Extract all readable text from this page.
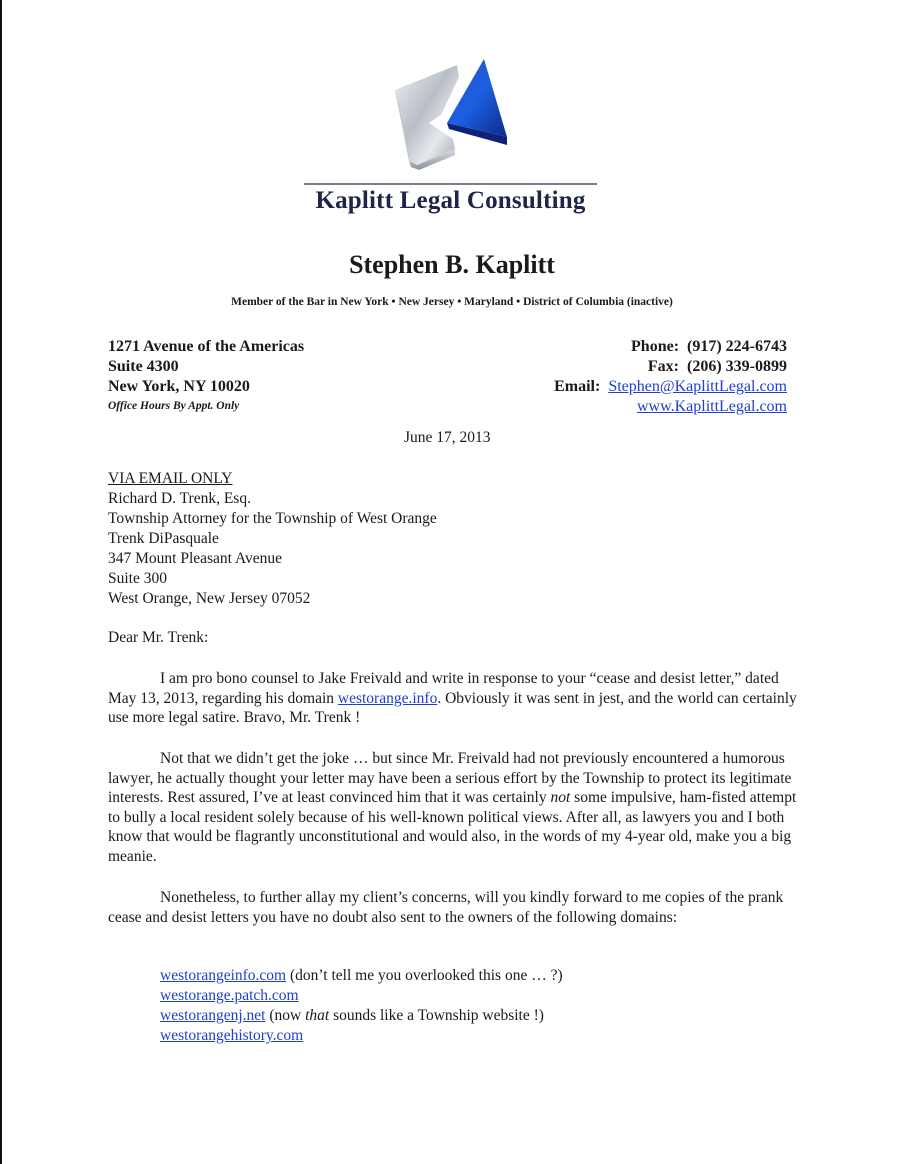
Kaplitt Legal Consulting
Stephen B. Kaplitt
Member of the Bar in New York • New Jersey • Maryland • District of Columbia (inactive)
1271 Avenue of the Americas
Suite 4300
New York, NY 10020
Office Hours By Appt. Only
Phone: (917) 224-6743
Fax: (206) 339-0899
Email: Stephen@KaplittLegal.com
www.KaplittLegal.com
June 17, 2013
VIA EMAIL ONLY
Richard D. Trenk, Esq.
Township Attorney for the Township of West Orange
Trenk DiPasquale
347 Mount Pleasant Avenue
Suite 300
West Orange, New Jersey 07052
Dear Mr. Trenk:
I am pro bono counsel to Jake Freivald and write in response to your “cease and desist letter,” dated May 13, 2013, regarding his domain westorange.info. Obviously it was sent in jest, and the world can certainly use more legal satire. Bravo, Mr. Trenk !
Not that we didn’t get the joke … but since Mr. Freivald had not previously encountered a humorous lawyer, he actually thought your letter may have been a serious effort by the Township to protect its legitimate interests. Rest assured, I’ve at least convinced him that it was certainly not some impulsive, ham-fisted attempt to bully a local resident solely because of his well-known political views. After all, as lawyers you and I both know that would be flagrantly unconstitutional and would also, in the words of my 4-year old, make you a big meanie.
Nonetheless, to further allay my client’s concerns, will you kindly forward to me copies of the prank cease and desist letters you have no doubt also sent to the owners of the following domains:
westorangeinfo.com (don’t tell me you overlooked this one … ?)
westorange.patch.com
westorangenj.net (now that sounds like a Township website !)
westorangehistory.com
